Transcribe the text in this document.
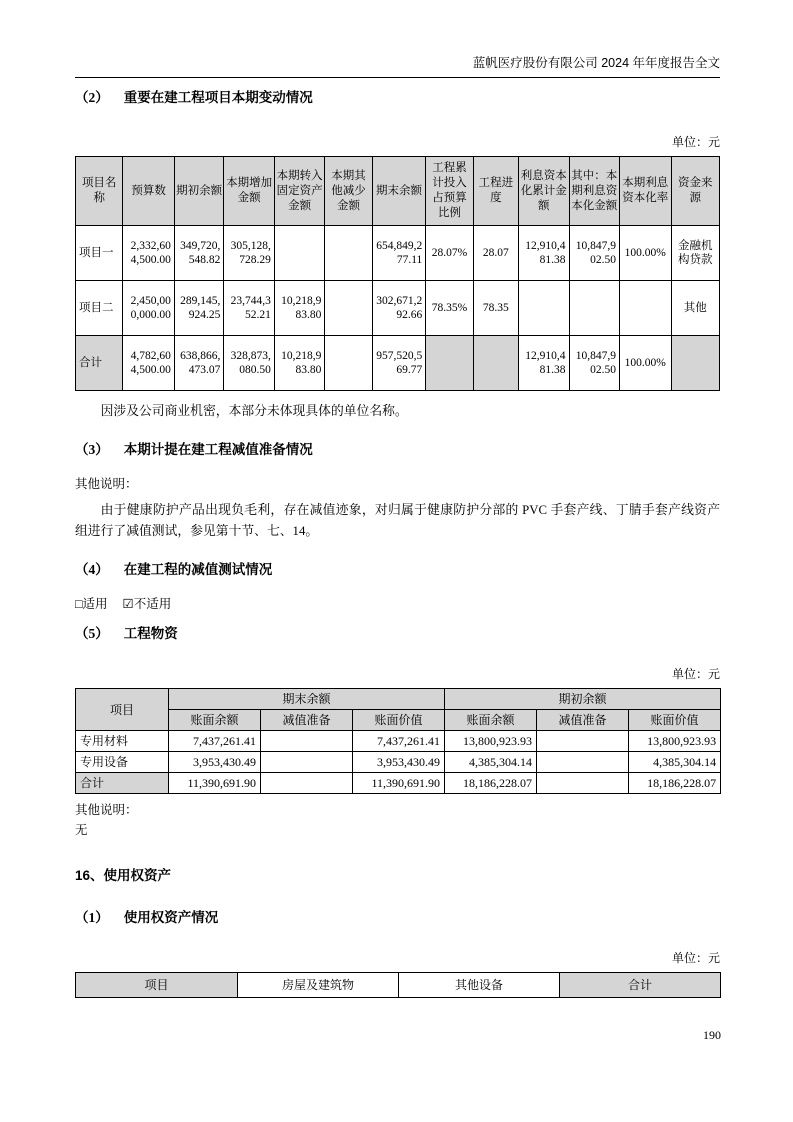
蓝帆医疗股份有限公司 2024 年年度报告全文
（2） 重要在建工程项目本期变动情况
单位：元
项目名称	预算数	期初余额	本期增加金额	本期转入固定资产金额	本期其他减少金额	期末余额	工程累计投入占预算比例	工程进度	利息资本化累计金额	其中：本期利息资本化金额	本期利息资本化率	资金来源
项目一	2,332,604,500.00	349,720,548.82	305,128,728.29			654,849,277.11	28.07%	28.07	12,910,481.38	10,847,902.50	100.00%	金融机构贷款
项目二	2,450,000,000.00	289,145,924.25	23,744,352.21	10,218,983.80		302,671,292.66	78.35%	78.35				其他
合计	4,782,604,500.00	638,866,473.07	328,873,080.50	10,218,983.80		957,520,569.77			12,910,481.38	10,847,902.50	100.00%	
因涉及公司商业机密，本部分未体现具体的单位名称。
（3） 本期计提在建工程减值准备情况
其他说明：
由于健康防护产品出现负毛利，存在减值迹象，对归属于健康防护分部的 PVC 手套产线、丁腈手套产线资产组进行了减值测试，参见第十节、七、14。
（4） 在建工程的减值测试情况
□适用 ☑不适用
（5） 工程物资
单位：元
项目	期末余额			期初余额		
	账面余额	减值准备	账面价值	账面余额	减值准备	账面价值
专用材料	7,437,261.41		7,437,261.41	13,800,923.93		13,800,923.93
专用设备	3,953,430.49		3,953,430.49	4,385,304.14		4,385,304.14
合计	11,390,691.90		11,390,691.90	18,186,228.07		18,186,228.07
其他说明：
无
16、使用权资产
（1） 使用权资产情况
单位：元
项目	房屋及建筑物	其他设备	合计
190
